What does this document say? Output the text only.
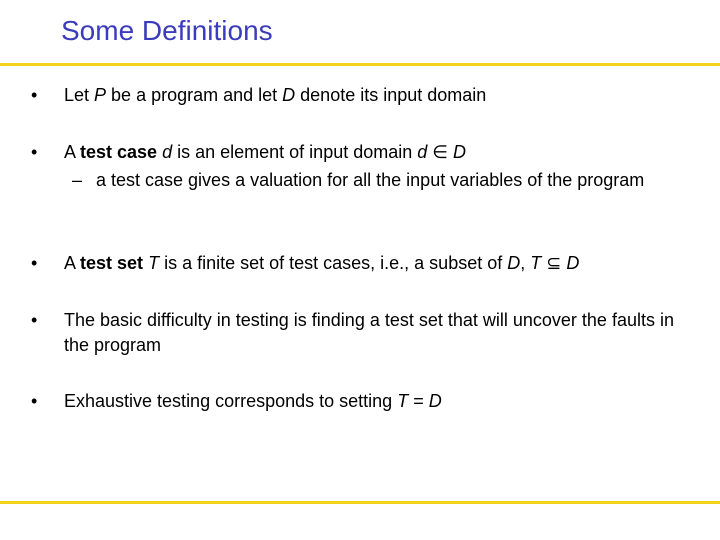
Some Definitions
•	Let P be a program and let D denote its input domain
•	A test case d is an element of input domain d ∈ D
– a test case gives a valuation for all the input variables of the program
•	A test set T is a finite set of test cases, i.e., a subset of D, T ⊆ D
•	The basic difficulty in testing is finding a test set that will uncover the faults in the program
•	Exhaustive testing corresponds to setting T = D
